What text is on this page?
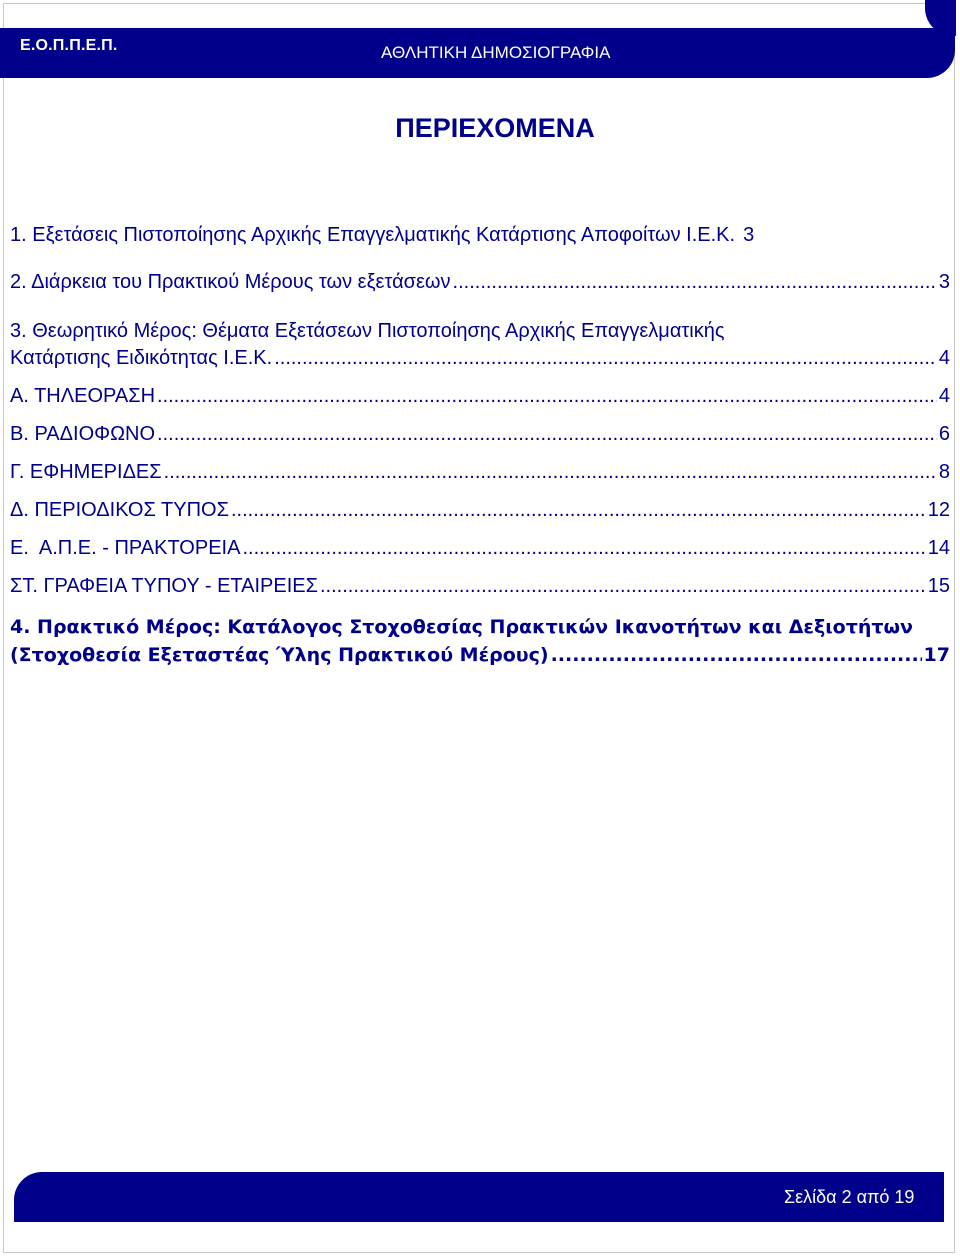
Ε.Ο.Π.Π.Ε.Π.	ΑΘΛΗΤΙΚΗ ΔΗΜΟΣΙΟΓΡΑΦΙΑ
ΠΕΡΙΕΧΟΜΕΝΑ
1. Εξετάσεις Πιστοποίησης Αρχικής Επαγγελματικής Κατάρτισης Αποφοίτων Ι.Ε.Κ. 3
2. Διάρκεια του Πρακτικού Μέρους των εξετάσεων .....	3
3. Θεωρητικό Μέρος: Θέματα Εξετάσεων Πιστοποίησης Αρχικής Επαγγελματικής
Κατάρτισης Ειδικότητας Ι.Ε.Κ. .....	4
Α. ΤΗΛΕΟΡΑΣΗ .....	4
Β. ΡΑΔΙΟΦΩΝΟ .....	6
Γ. ΕΦΗΜΕΡΙΔΕΣ .....	8
Δ. ΠΕΡΙΟΔΙΚΟΣ ΤΥΠΟΣ .....	12
Ε.  Α.Π.Ε. - ΠΡΑΚΤΟΡΕΙΑ .....	14
ΣΤ. ΓΡΑΦΕΙΑ ΤΥΠΟΥ - ΕΤΑΙΡΕΙΕΣ .....	15
4. Πρακτικό Μέρος: Κατάλογος Στοχοθεσίας Πρακτικών Ικανοτήτων και Δεξιοτήτων
(Στοχοθεσία Εξεταστέας Ύλης Πρακτικού Μέρους) .....	17
Σελίδα 2 από 19
